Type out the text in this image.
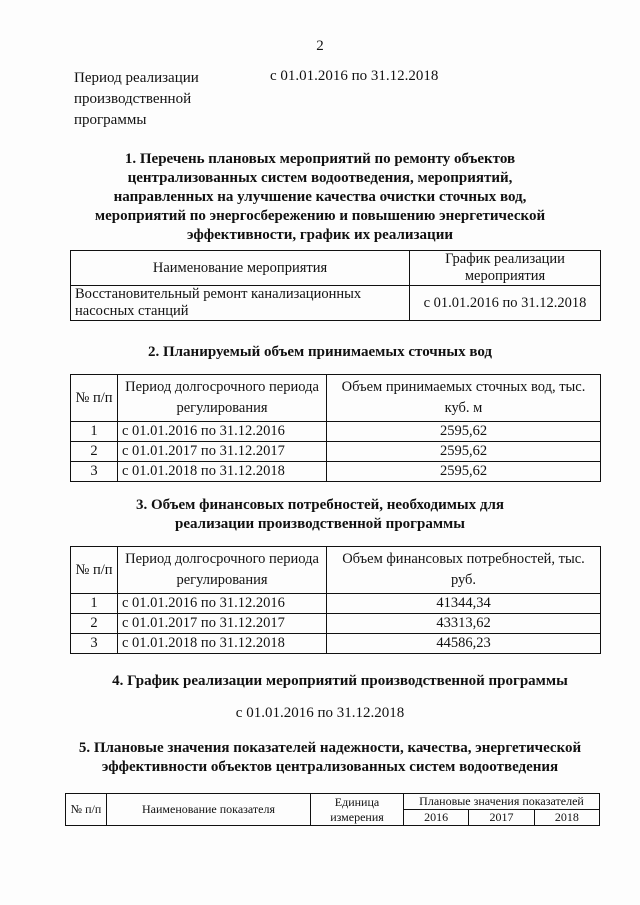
2
Период реализации
производственной
программы
с 01.01.2016 по 31.12.2018
1. Перечень плановых мероприятий по ремонту объектов
централизованных систем водоотведения, мероприятий,
направленных на улучшение качества очистки сточных вод,
мероприятий по энергосбережению и повышению энергетической
эффективности, график их реализации
Наименование мероприятия	График реализации мероприятия

Восстановительный ремонт канализационных
насосных станций	с 01.01.2016 по 31.12.2018
2. Планируемый объем принимаемых сточных вод
№ п/п	Период долгосрочного периода регулирования	Объем принимаемых сточных вод, тыс. куб. м
1	с 01.01.2016 по 31.12.2016	2595,62
2	с 01.01.2017 по 31.12.2017	2595,62
3	с 01.01.2018 по 31.12.2018	2595,62
3. Объем финансовых потребностей, необходимых для
реализации производственной программы
№ п/п	Период долгосрочного периода регулирования	Объем финансовых потребностей, тыс. руб.
1	с 01.01.2016 по 31.12.2016	41344,34
2	с 01.01.2017 по 31.12.2017	43313,62
3	с 01.01.2018 по 31.12.2018	44586,23
4. График реализации мероприятий производственной программы
с 01.01.2016 по 31.12.2018
5. Плановые значения показателей надежности, качества, энергетической
эффективности объектов централизованных систем водоотведения
№ п/п	Наименование показателя	Единица измерения	Плановые значения показателей		
			2016	2017	2018
